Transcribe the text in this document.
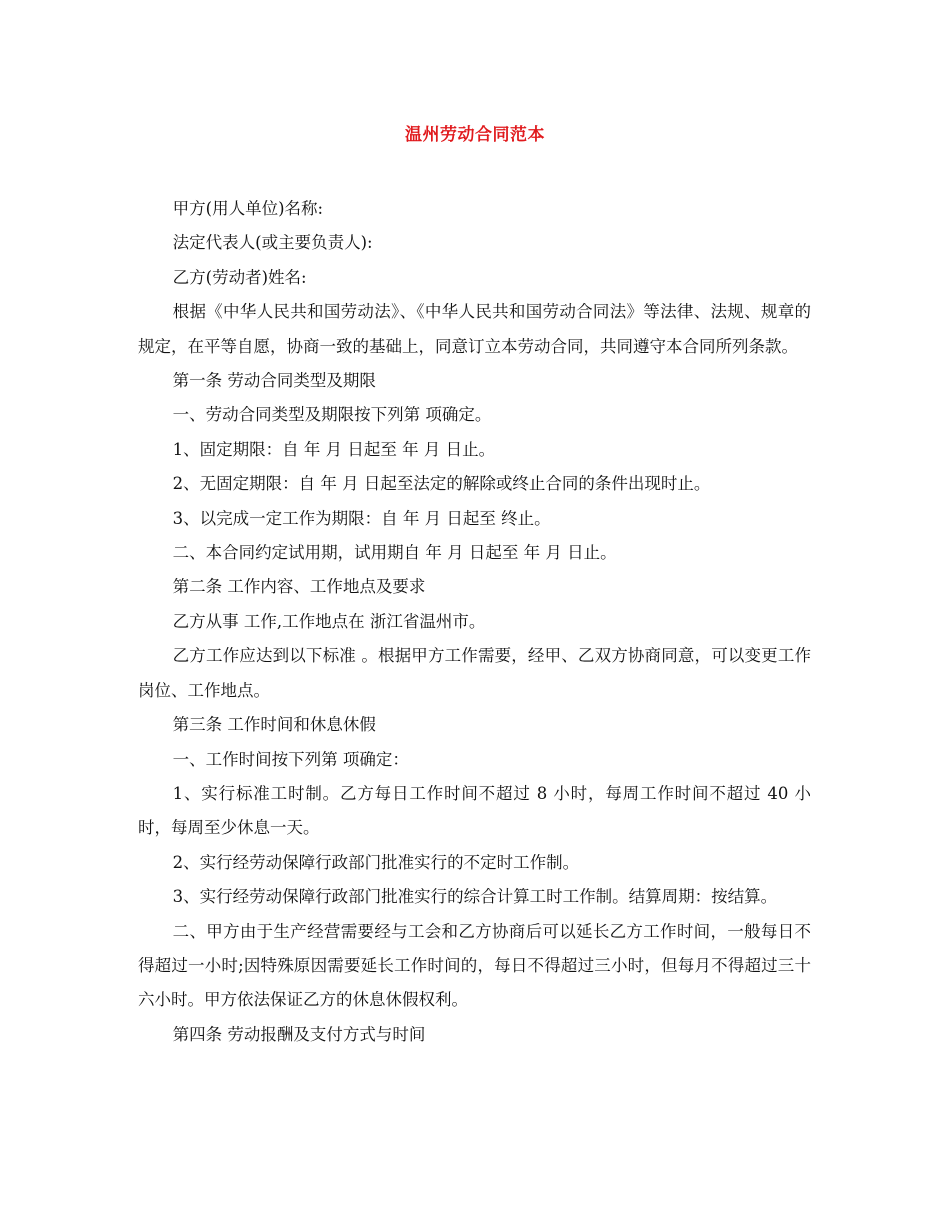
温州劳动合同范本

甲方(用人单位)名称:

法定代表人(或主要负责人):

乙方(劳动者)姓名:

根据《中华人民共和国劳动法》、《中华人民共和国劳动合同法》等法律、法规、规章的规定，在平等自愿，协商一致的基础上，同意订立本劳动合同，共同遵守本合同所列条款。

第一条 劳动合同类型及期限

一、劳动合同类型及期限按下列第 项确定。

1、固定期限：自 年 月 日起至 年 月 日止。

2、无固定期限：自 年 月 日起至法定的解除或终止合同的条件出现时止。

3、以完成一定工作为期限：自 年 月 日起至 终止。

二、本合同约定试用期，试用期自 年 月 日起至 年 月 日止。

第二条 工作内容、工作地点及要求

乙方从事 工作,工作地点在 浙江省温州市。

乙方工作应达到以下标准 。根据甲方工作需要，经甲、乙双方协商同意，可以变更工作岗位、工作地点。

第三条 工作时间和休息休假

一、工作时间按下列第 项确定：

1、实行标准工时制。乙方每日工作时间不超过 8 小时，每周工作时间不超过 40 小时，每周至少休息一天。

2、实行经劳动保障行政部门批准实行的不定时工作制。

3、实行经劳动保障行政部门批准实行的综合计算工时工作制。结算周期：按结算。

二、甲方由于生产经营需要经与工会和乙方协商后可以延长乙方工作时间，一般每日不得超过一小时;因特殊原因需要延长工作时间的，每日不得超过三小时，但每月不得超过三十六小时。甲方依法保证乙方的休息休假权利。

第四条 劳动报酬及支付方式与时间
